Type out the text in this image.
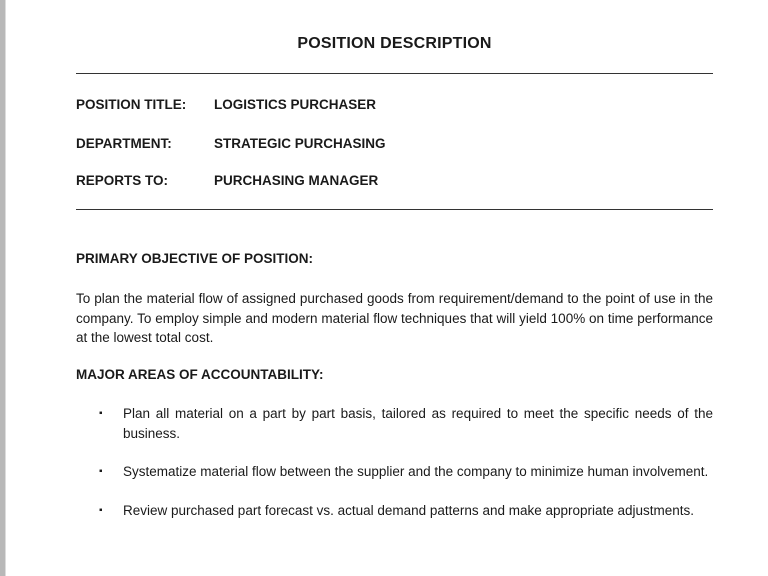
POSITION DESCRIPTION
POSITION TITLE: LOGISTICS PURCHASER
DEPARTMENT:	STRATEGIC PURCHASING
REPORTS TO:	PURCHASING MANAGER
PRIMARY OBJECTIVE OF POSITION:
To plan the material flow of assigned purchased goods from requirement/demand to the point of use in the company. To employ simple and modern material flow techniques that will yield 100% on time performance at the lowest total cost.
MAJOR AREAS OF ACCOUNTABILITY:
▪ Plan all material on a part by part basis, tailored as required to meet the specific needs of the business.
▪ Systematize material flow between the supplier and the company to minimize human involvement.
▪ Review purchased part forecast vs. actual demand patterns and make appropriate adjustments.
